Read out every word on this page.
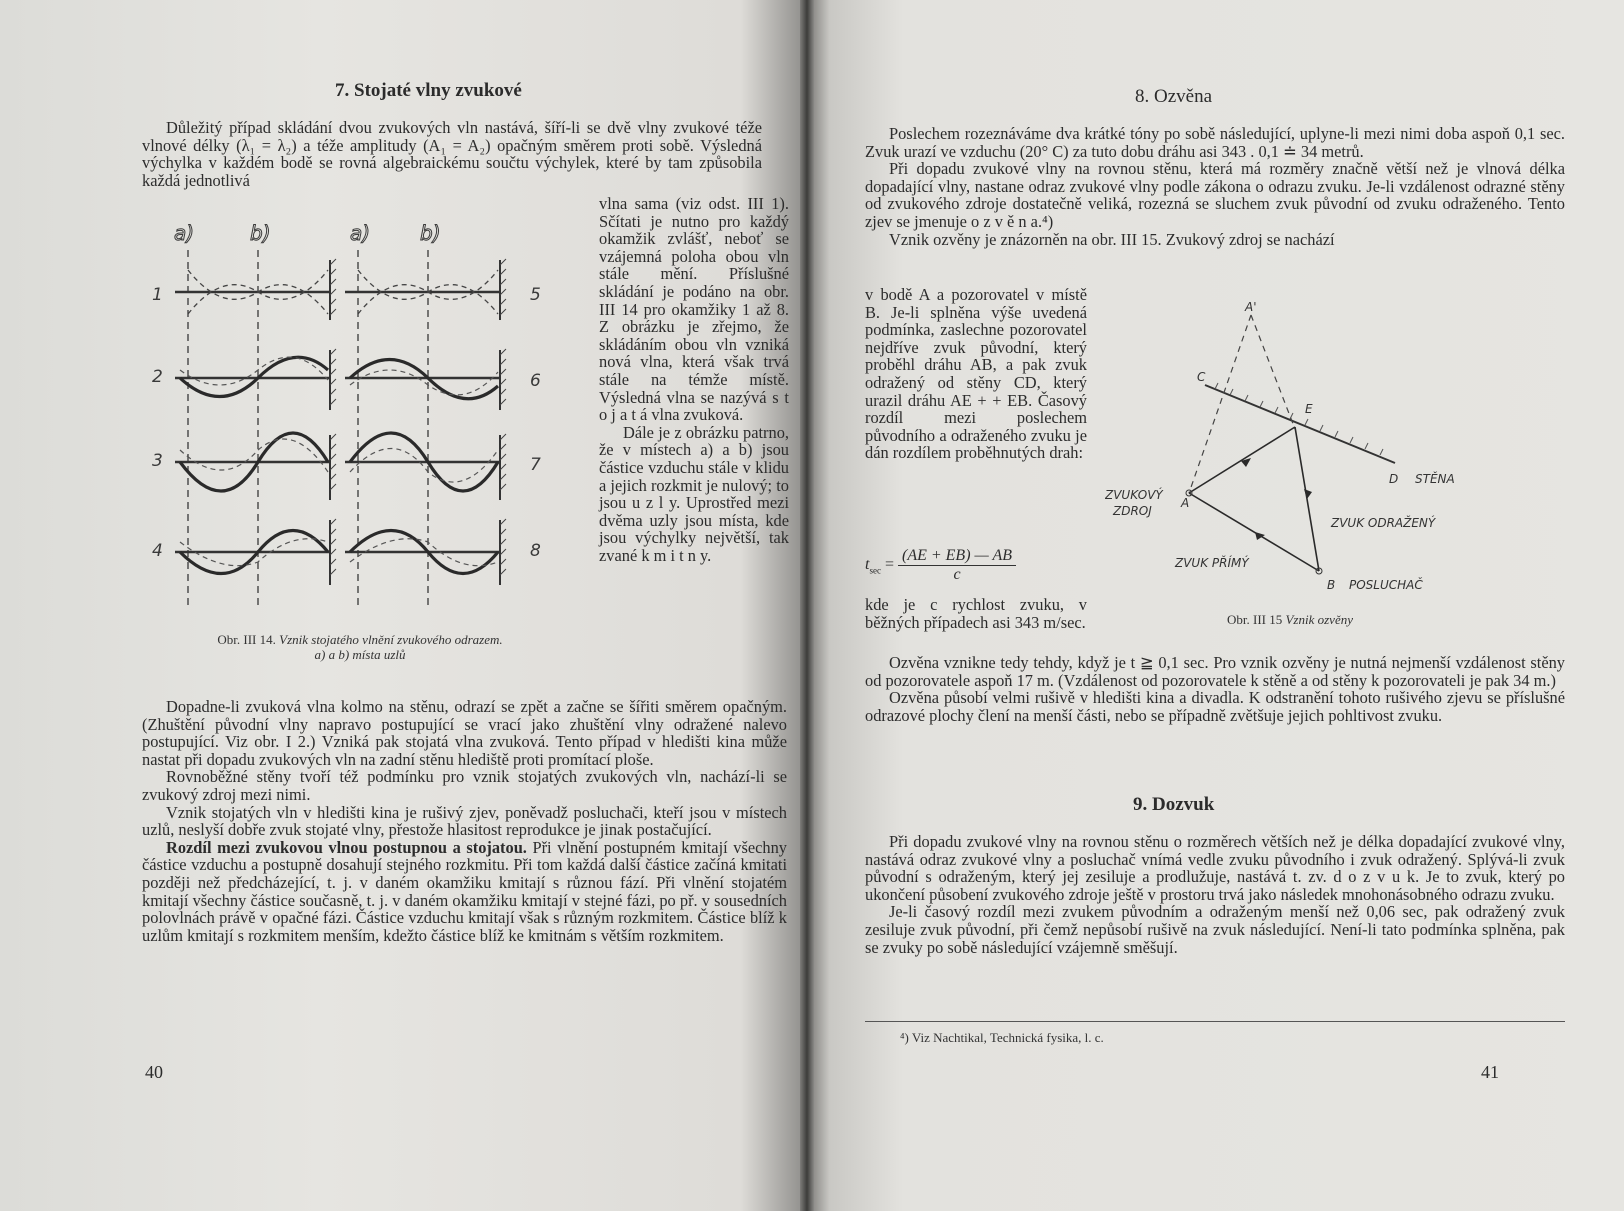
7. Stojaté vlny zvukové

Důležitý případ skládání dvou zvukových vln nastává, šíří-li se dvě vlny zvukové téže vlnové délky (λ₁ = λ₂) a téže amplitudy (A₁ = A₂) opačným směrem proti sobě. Výsledná výchylka v každém bodě se rovná algebraickému součtu výchylek, které by tam způsobila každá jednotlivá

a)	b)	a) b)
1
2
3
4
5
6
7
8

vlna sama (viz odst. III 1). Sčítati je nutno pro každý okamžik zvlášť, neboť se vzájemná poloha obou vln stále mění. Příslušné skládání je podáno na obr. III 14 pro okamžiky 1 až 8. Z obrázku je zřejmo, že skládáním obou vln vzniká nová vlna, která však trvá stále na témže místě. Výsledná vlna se nazývá s t o j a t á vlna zvuková.

Dále je z obrázku patrno, že v místech a) a b) jsou částice vzduchu stále v klidu a jejich rozkmit je nulový; to jsou u z l y. Uprostřed mezi dvěma uzly jsou místa, kde jsou výchylky největší, tak zvané k m i t n y.

Obr. III 14. Vznik stojatého vlnění zvukového odrazem.
a) a b) místa uzlů

Dopadne-li zvuková vlna kolmo na stěnu, odrazí se zpět a začne se šířiti směrem opačným. (Zhuštění původní vlny napravo postupující se vrací jako zhuštění vlny odražené nalevo postupující. Viz obr. I 2.) Vzniká pak stojatá vlna zvuková. Tento případ v hledišti kina může nastat při dopadu zvukových vln na zadní stěnu hlediště proti promítací ploše.

Rovnoběžné stěny tvoří též podmínku pro vznik stojatých zvukových vln, nachází-li se zvukový zdroj mezi nimi.

Vznik stojatých vln v hledišti kina je rušivý zjev, poněvadž posluchači, kteří jsou v místech uzlů, neslyší dobře zvuk stojaté vlny, přestože hlasitost reprodukce je jinak postačující.

Rozdíl mezi zvukovou vlnou postupnou a stojatou. Při vlnění postupném kmitají všechny částice vzduchu a postupně dosahují stejného rozkmitu. Při tom každá další částice začíná kmitati později než předcházející, t. j. v daném okamžiku kmitají s různou fází. Při vlnění stojatém kmitají všechny částice současně, t. j. v daném okamžiku kmitají v stejné fázi, po př. v sousedních polovlnách právě v opačné fázi. Částice vzduchu kmitají však s různým rozkmitem. Částice blíž k uzlům kmitají s rozkmitem menším, kdežto částice blíž ke kmitnám s větším rozkmitem.

40
8. Ozvěna

Poslechem rozeznáváme dva krátké tóny po sobě následující, uplyne-li mezi nimi doba aspoň 0,1 sec. Zvuk urazí ve vzduchu (20° C) za tuto dobu dráhu asi 343 . 0,1 ≐ 34 metrů.

Při dopadu zvukové vlny na rovnou stěnu, která má rozměry značně větší než je vlnová délka dopadající vlny, nastane odraz zvukové vlny podle zákona o odrazu zvuku. Je-li vzdálenost odrazné stěny od zvukového zdroje dostatečně veliká, rozezná se sluchem zvuk původní od zvuku odraženého. Tento zjev se jmenuje o z v ě n a.⁴)

Vznik ozvěny je znázorněn na obr. III 15. Zvukový zdroj se nachází

v bodě A a pozorovatel v místě B. Je-li splněna výše uvedená podmínka, zaslechne pozorovatel nejdříve zvuk původní, který proběhl dráhu AB, a pak zvuk odražený od stěny CD, který urazil dráhu AE + + EB. Časový rozdíl mezi poslechem původního a odraženého zvuku je dán rozdílem proběhnutých drah:

$t_{sec} = \frac{(AE + EB) — AB}{c}$

kde je c rychlost zvuku, v běžných případech asi 343 m/sec.

A'
C
E
D STĚNA
ZVUKOVÝ
ZDROJ
A
ZVUK ODRAŽENÝ
ZVUK PŘÍMÝ
B POSLUCHAČ
Obr. III 15 Vznik ozvěny

Ozvěna vznikne tedy tehdy, když je t ≧ 0,1 sec. Pro vznik ozvěny je nutná nejmenší vzdálenost stěny od pozorovatele aspoň 17 m. (Vzdálenost od pozorovatele k stěně a od stěny k pozorovateli je pak 34 m.)

Ozvěna působí velmi rušivě v hledišti kina a divadla. K odstranění tohoto rušivého zjevu se příslušné odrazové plochy člení na menší části, nebo se případně zvětšuje jejich pohltivost zvuku.

9. Dozvuk

Při dopadu zvukové vlny na rovnou stěnu o rozměrech větších než je délka dopadající zvukové vlny, nastává odraz zvukové vlny a posluchač vnímá vedle zvuku původního i zvuk odražený. Splývá-li zvuk původní s odraženým, který jej zesiluje a prodlužuje, nastává t. zv. d o z v u k. Je to zvuk, který po ukončení působení zvukového zdroje ještě v prostoru trvá jako následek mnohonásobného odrazu zvuku.

Je-li časový rozdíl mezi zvukem původním a odraženým menší než 0,06 sec, pak odražený zvuk zesiluje zvuk původní, při čemž nepůsobí rušivě na zvuk následující. Není-li tato podmínka splněna, pak se zvuky po sobě následující vzájemně směšují.

⁴) Viz Nachtikal, Technická fysika, l. c.
41
